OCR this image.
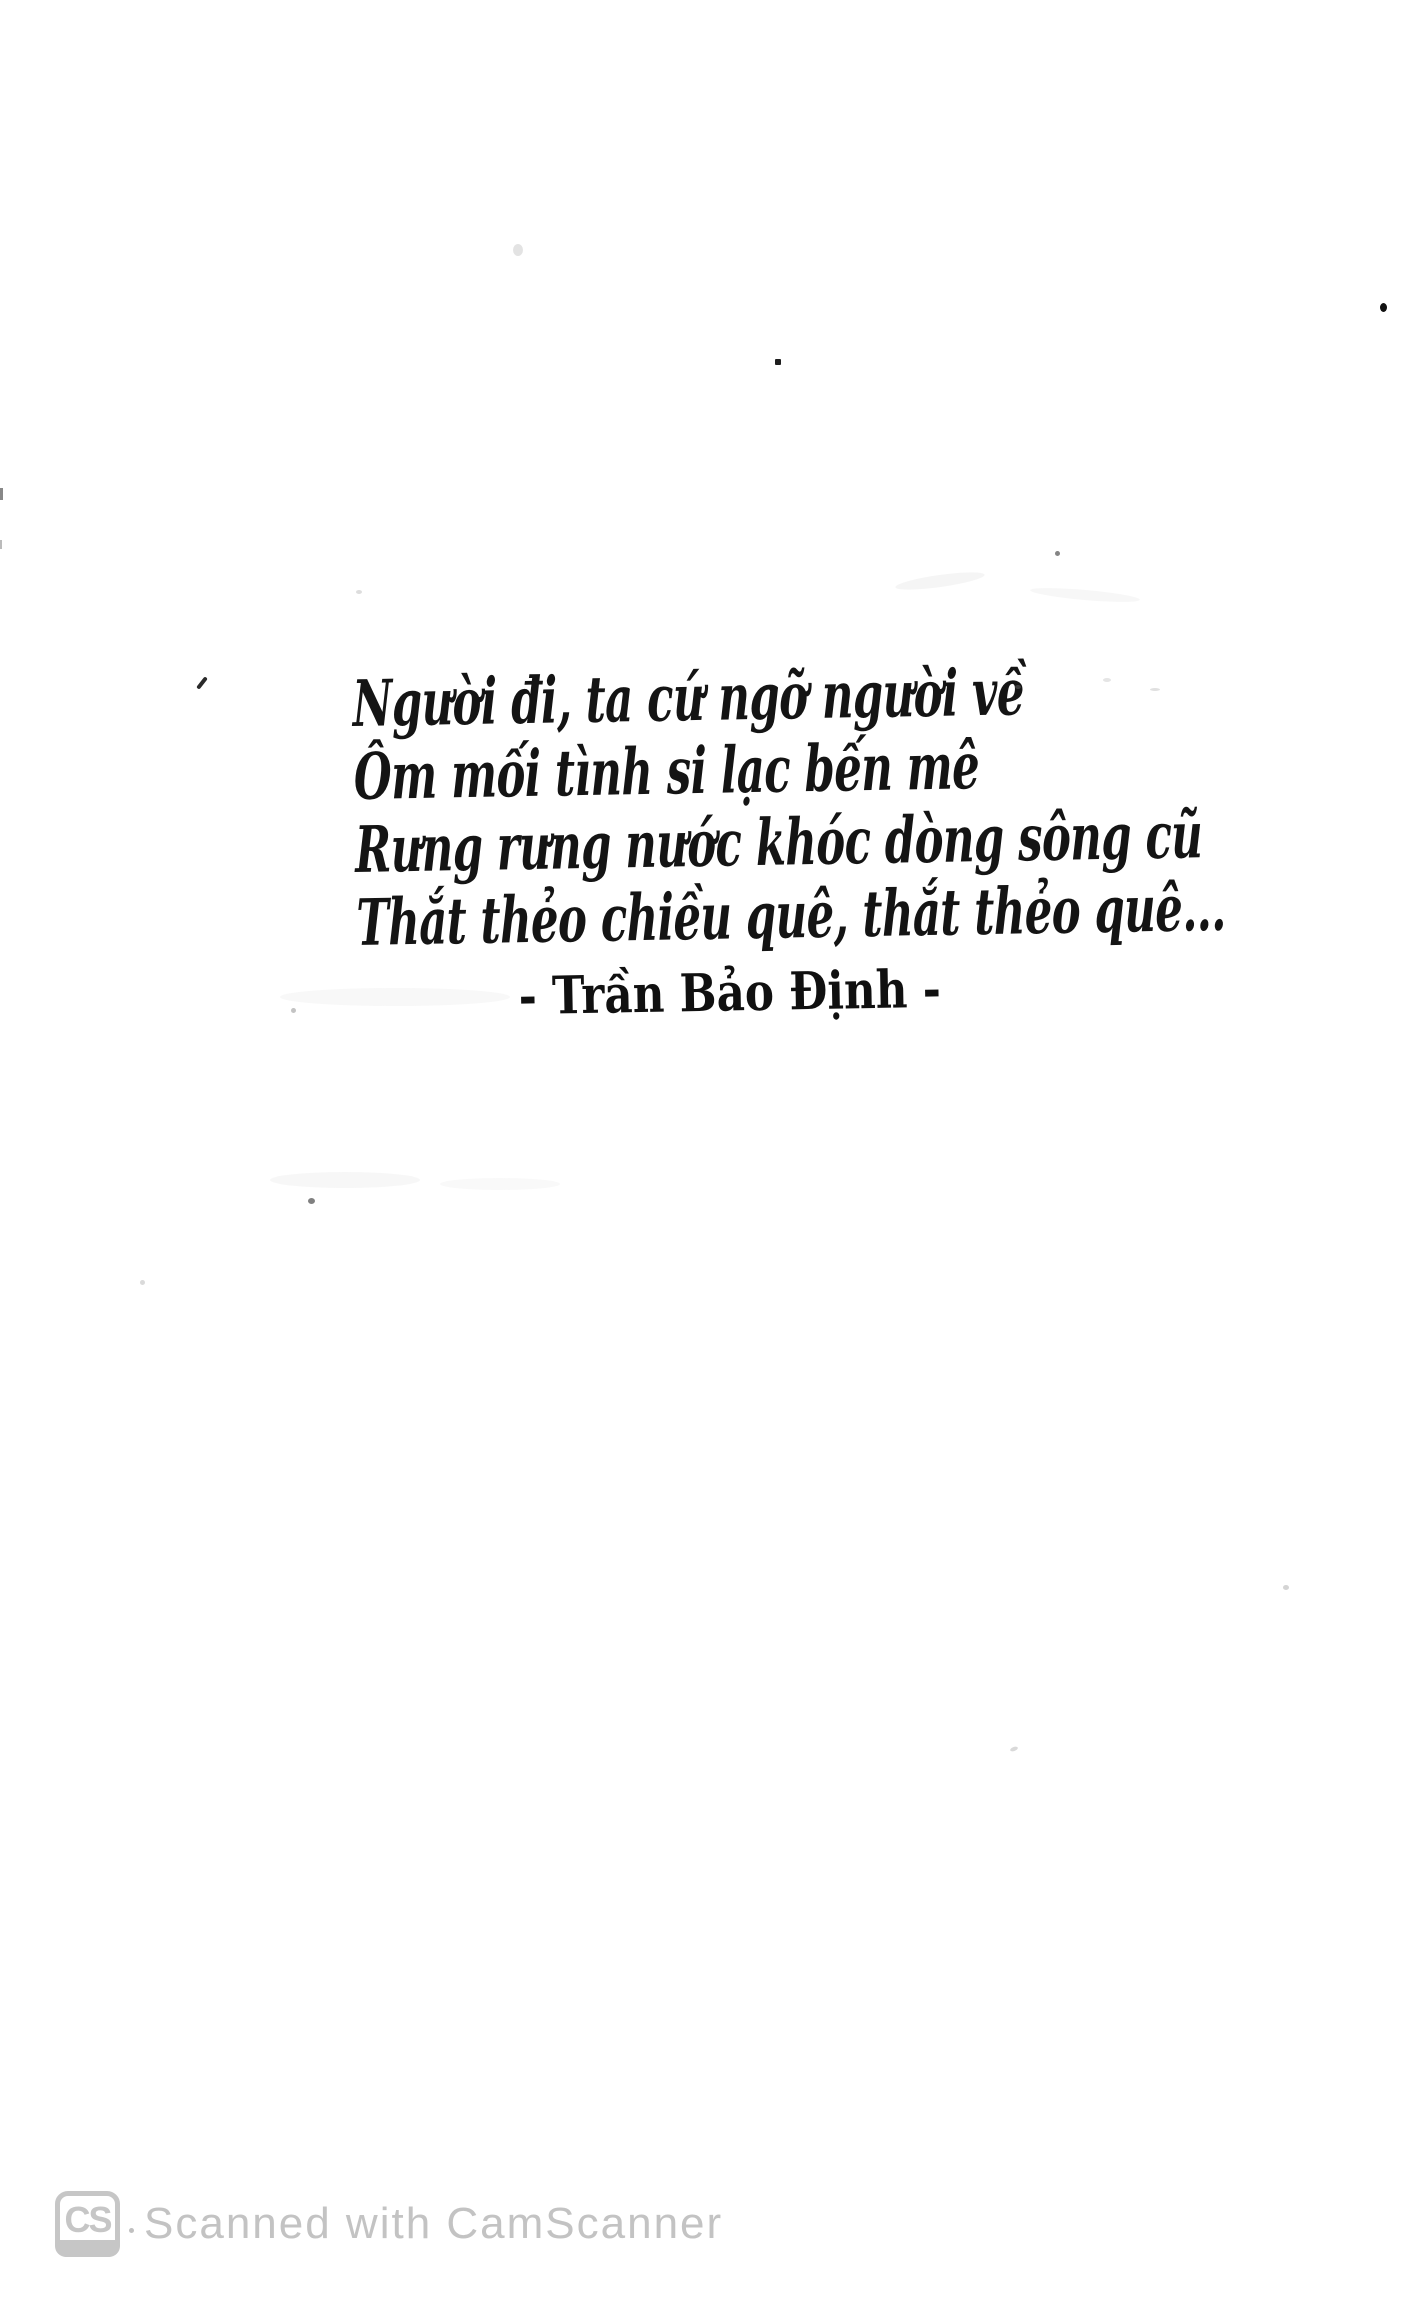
Người đi, ta cứ ngỡ người về
Ôm mối tình si lạc bến mê
Rưng rưng nước khóc dòng sông cũ
Thắt thẻo chiều quê, thắt thẻo quê...
- Trần Bảo Định -
CS Scanned with CamScanner
